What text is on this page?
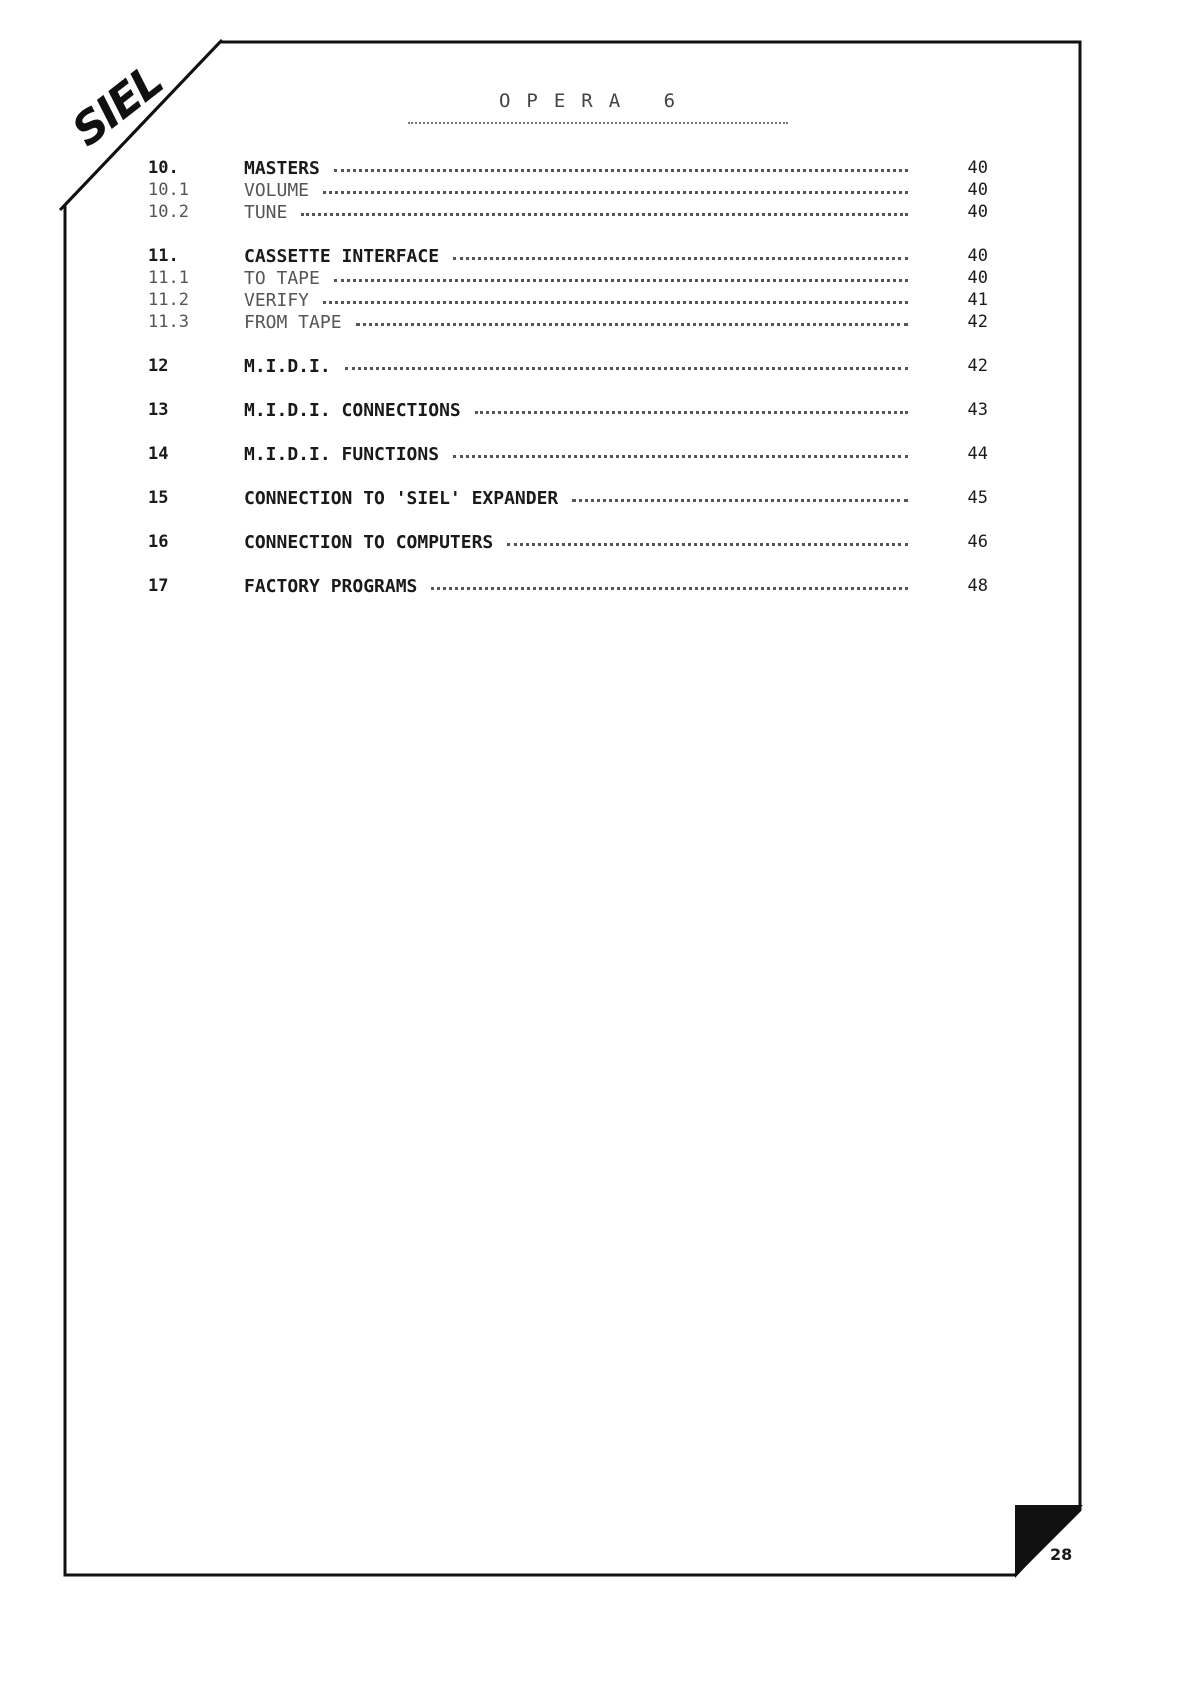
SIEL	OPERA 6
10.	MASTERS	40
10.1	VOLUME	40
10.2	TUNE	40
11.	CASSETTE INTERFACE	40
11.1	TO TAPE	40
11.2	VERIFY	41
11.3	FROM TAPE	42
12	M.I.D.I.	42
13	M.I.D.I. CONNECTIONS	43
14	M.I.D.I. FUNCTIONS	44
15	CONNECTION TO 'SIEL' EXPANDER	45
16	CONNECTION TO COMPUTERS	46
17	FACTORY PROGRAMS	48
28
